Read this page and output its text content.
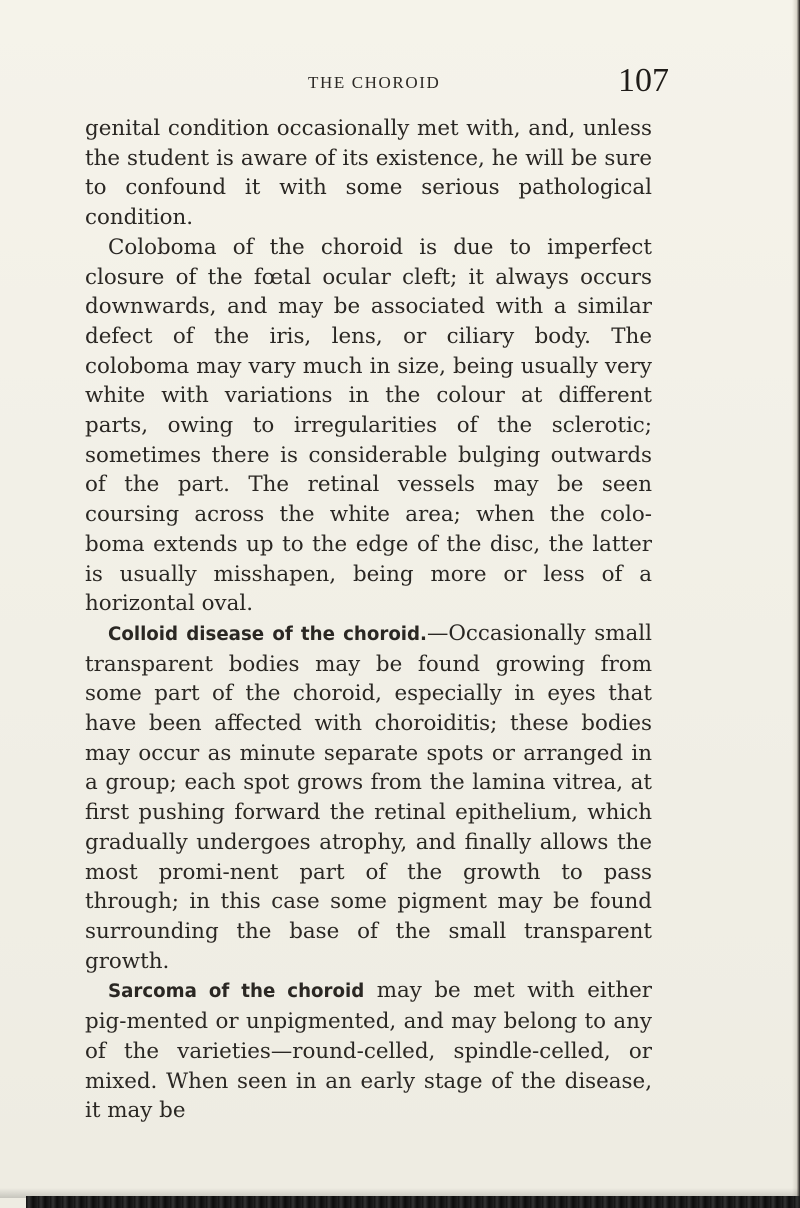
THE CHOROID	107

genital condition occasionally met with, and, unless the student is aware of its existence, he will be sure to confound it with some serious pathological condition.

Coloboma of the choroid is due to imperfect closure of the fœtal ocular cleft; it always occurs downwards, and may be associated with a similar defect of the iris, lens, or ciliary body. The coloboma may vary much in size, being usually very white with variations in the colour at different parts, owing to irregularities of the sclerotic; sometimes there is considerable bulging outwards of the part. The retinal vessels may be seen coursing across the white area; when the colo-boma extends up to the edge of the disc, the latter is usually misshapen, being more or less of a horizontal oval.

Colloid disease of the choroid.—Occasionally small transparent bodies may be found growing from some part of the choroid, especially in eyes that have been affected with choroiditis; these bodies may occur as minute separate spots or arranged in a group; each spot grows from the lamina vitrea, at first pushing forward the retinal epithelium, which gradually undergoes atrophy, and finally allows the most promi-nent part of the growth to pass through; in this case some pigment may be found surrounding the base of the small transparent growth.

Sarcoma of the choroid may be met with either pig-mented or unpigmented, and may belong to any of the varieties—round-celled, spindle-celled, or mixed. When seen in an early stage of the disease, it may be
